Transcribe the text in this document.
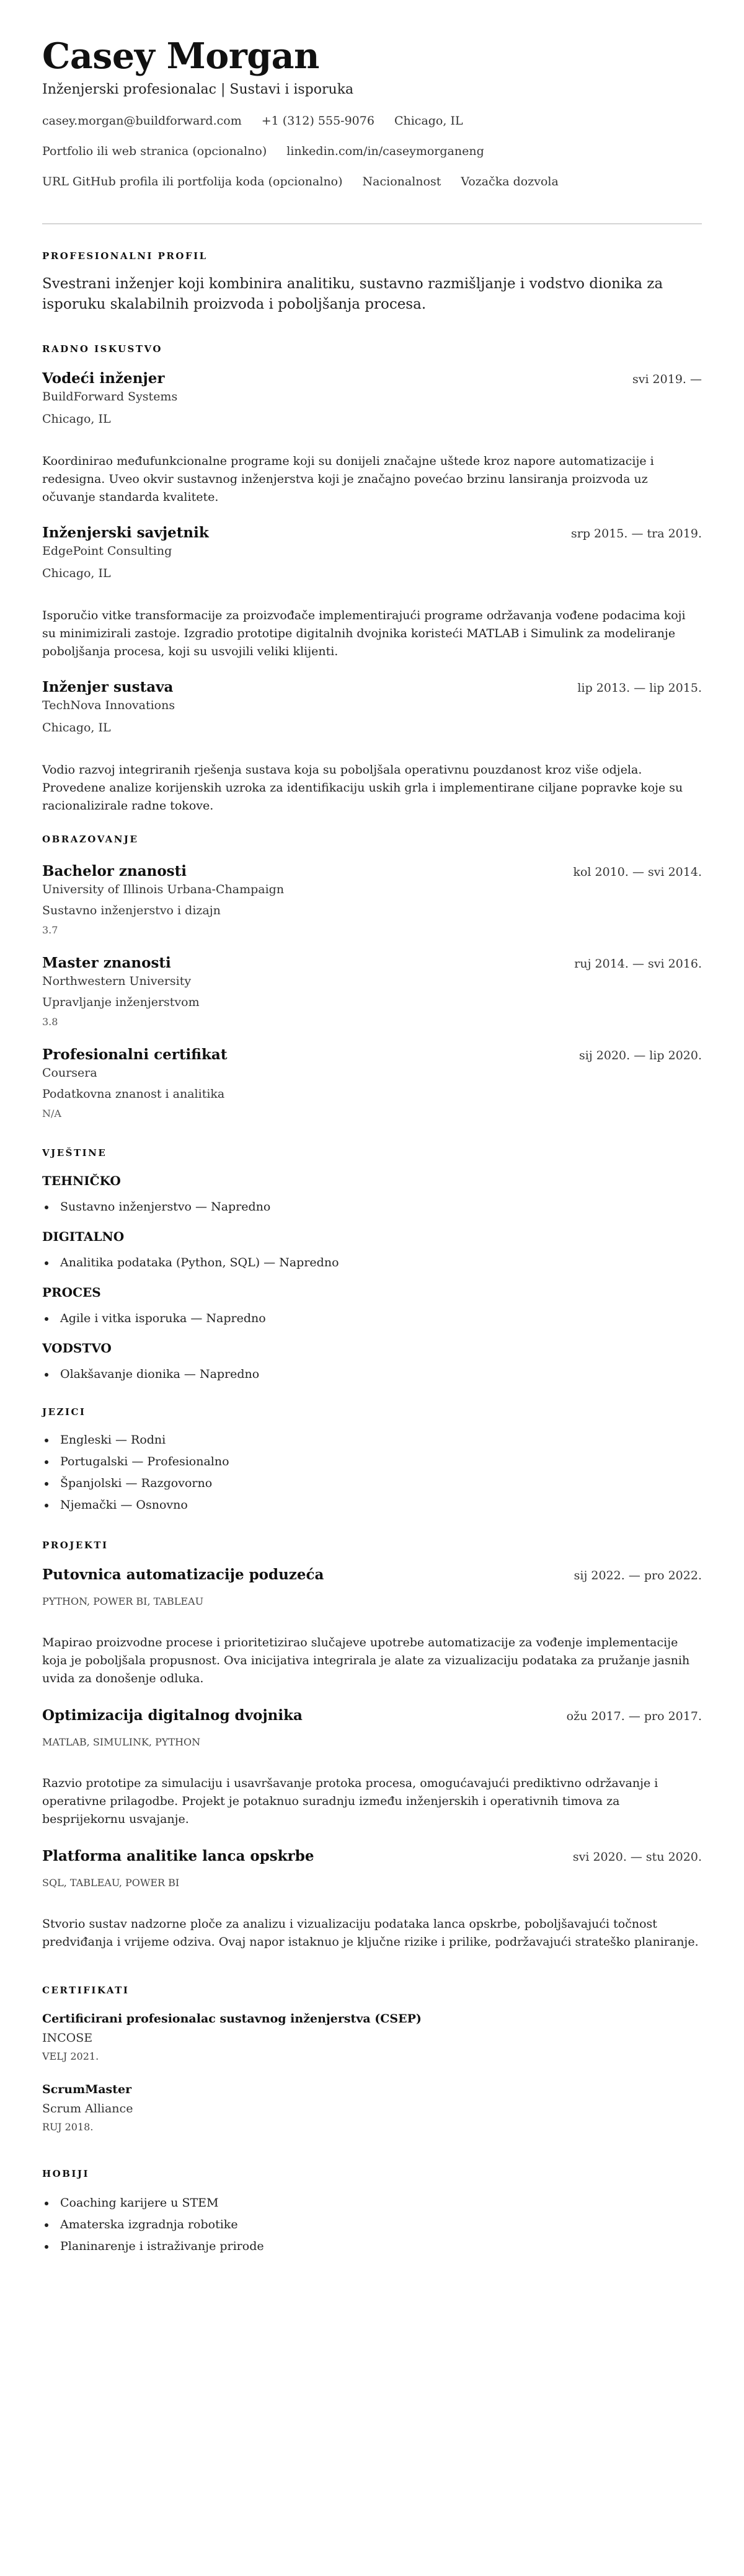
Casey Morgan
Inženjerski profesionalac | Sustavi i isporuka
casey.morgan@buildforward.com +1 (312) 555-9076 Chicago, IL
Portfolio ili web stranica (opcionalno) linkedin.com/in/caseymorganeng
URL GitHub profila ili portfolija koda (opcionalno) Nacionalnost Vozačka dozvola
PROFESIONALNI PROFIL

Svestrani inženjer koji kombinira analitiku, sustavno razmišljanje i vodstvo dionika za isporuku skalabilnih proizvoda i poboljšanja procesa.

RADNO ISKUSTVO
Vodeći inženjer	svi 2019. —
BuildForward Systems
Chicago, IL

Koordinirao međufunkcionalne programe koji su donijeli značajne uštede kroz napore automatizacije i redesigna. Uveo okvir sustavnog inženjerstva koji je značajno povećao brzinu lansiranja proizvoda uz očuvanje standarda kvalitete.

Inženjerski savjetnik	srp 2015. — tra 2019.
EdgePoint Consulting
Chicago, IL

Isporučio vitke transformacije za proizvođače implementirajući programe održavanja vođene podacima koji su minimizirali zastoje. Izgradio prototipe digitalnih dvojnika koristeći MATLAB i Simulink za modeliranje poboljšanja procesa, koji su usvojili veliki klijenti.

Inženjer sustava	lip 2013. — lip 2015.
TechNova Innovations
Chicago, IL

Vodio razvoj integriranih rješenja sustava koja su poboljšala operativnu pouzdanost kroz više odjela. Provedene analize korijenskih uzroka za identifikaciju uskih grla i implementirane ciljane popravke koje su racionalizirale radne tokove.

OBRAZOVANJE
Bachelor znanosti	kol 2010. — svi 2014.
University of Illinois Urbana-Champaign
Sustavno inženjerstvo i dizajn
3.7
Master znanosti	ruj 2014. — svi 2016.
Northwestern University
Upravljanje inženjerstvom
3.8
Profesionalni certifikat	sij 2020. — lip 2020.
Coursera
Podatkovna znanost i analitika
N/A
VJEŠTINE
TEHNIČKO
Sustavno inženjerstvo — Napredno
DIGITALNO
Analitika podataka (Python, SQL) — Napredno
PROCES
Agile i vitka isporuka — Napredno
VODSTVO
Olakšavanje dionika — Napredno
JEZICI
Engleski — Rodni
Portugalski — Profesionalno
Španjolski — Razgovorno
Njemački — Osnovno
PROJEKTI
Putovnica automatizacije poduzeća	sij 2022. — pro 2022.
PYTHON, POWER BI, TABLEAU

Mapirao proizvodne procese i prioritetizirao slučajeve upotrebe automatizacije za vođenje implementacije koja je poboljšala propusnost. Ova inicijativa integrirala je alate za vizualizaciju podataka za pružanje jasnih uvida za donošenje odluka.

Optimizacija digitalnog dvojnika	ožu 2017. — pro 2017.
MATLAB, SIMULINK, PYTHON

Razvio prototipe za simulaciju i usavršavanje protoka procesa, omogućavajući prediktivno održavanje i operativne prilagodbe. Projekt je potaknuo suradnju između inženjerskih i operativnih timova za besprijekornu usvajanje.

Platforma analitike lanca opskrbe	svi 2020. — stu 2020.
SQL, TABLEAU, POWER BI

Stvorio sustav nadzorne ploče za analizu i vizualizaciju podataka lanca opskrbe, poboljšavajući točnost predviđanja i vrijeme odziva. Ovaj napor istaknuo je ključne rizike i prilike, podržavajući strateško planiranje.

CERTIFIKATI
Certificirani profesionalac sustavnog inženjerstva (CSEP)
INCOSE
VELJ 2021.
ScrumMaster
Scrum Alliance
RUJ 2018.
HOBIJI
Coaching karijere u STEM
Amaterska izgradnja robotike
Planinarenje i istraživanje prirode
